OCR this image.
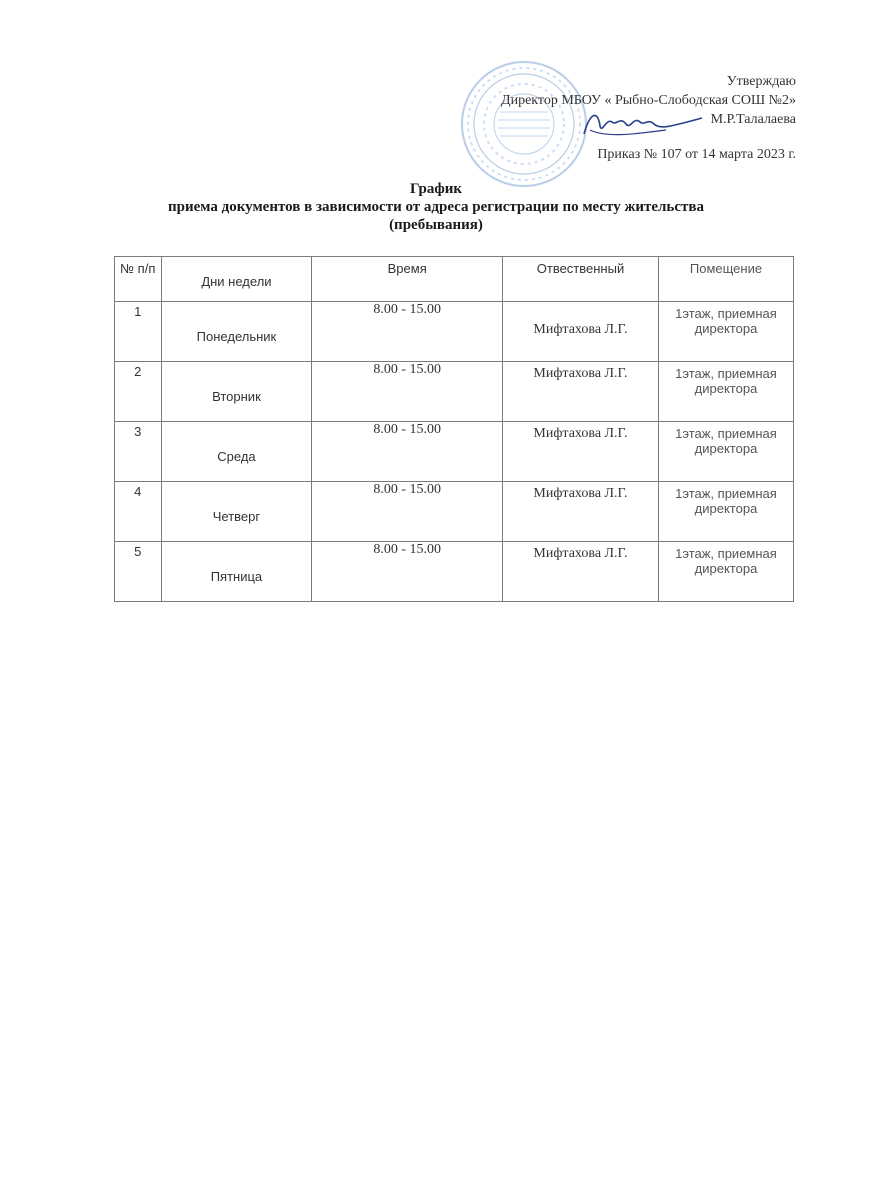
Утверждаю
Директор МБОУ « Рыбно-Слободская СОШ №2»
М.Р.Талалаева
Приказ № 107 от 14 марта 2023 г.
График
приема документов в зависимости от адреса регистрации по месту жительства
(пребывания)
№ п/п	Дни недели	Время	Отвественный	Помещение

1	Понедельник	8.00 - 15.00	Мифтахова Л.Г.	1этаж, приемная директора

2	Вторник	8.00 - 15.00	Мифтахова Л.Г.	1этаж, приемная директора

3	Среда	8.00 - 15.00	Мифтахова Л.Г.	1этаж, приемная директора

4	Четверг	8.00 - 15.00	Мифтахова Л.Г.	1этаж, приемная директора

5	Пятница	8.00 - 15.00	Мифтахова Л.Г.	1этаж, приемная директора
